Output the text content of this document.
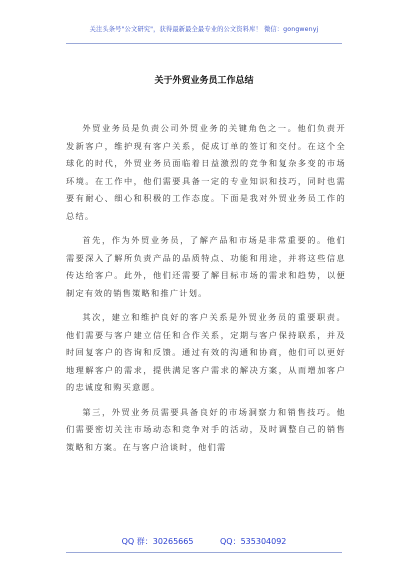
关注头条号"公文研究"，获得最新最全最专业的公文资料库！ 微信：gongwenyj
关于外贸业务员工作总结

外贸业务员是负责公司外贸业务的关键角色之一。他们负责开发新客户，维护现有客户关系，促成订单的签订和交付。在这个全球化的时代，外贸业务员面临着日益激烈的竞争和复杂多变的市场环境。在工作中，他们需要具备一定的专业知识和技巧，同时也需要有耐心、细心和积极的工作态度。下面是我对外贸业务员工作的总结。

首先，作为外贸业务员，了解产品和市场是非常重要的。他们需要深入了解所负责产品的品质特点、功能和用途，并将这些信息传达给客户。此外，他们还需要了解目标市场的需求和趋势，以便制定有效的销售策略和推广计划。

其次，建立和维护良好的客户关系是外贸业务员的重要职责。他们需要与客户建立信任和合作关系，定期与客户保持联系，并及时回复客户的咨询和反馈。通过有效的沟通和协商，他们可以更好地理解客户的需求，提供满足客户需求的解决方案，从而增加客户的忠诚度和购买意愿。

第三，外贸业务员需要具备良好的市场洞察力和销售技巧。他们需要密切关注市场动态和竞争对手的活动，及时调整自己的销售策略和方案。在与客户洽谈时，他们需

QQ 群：30265665	QQ：535304092
